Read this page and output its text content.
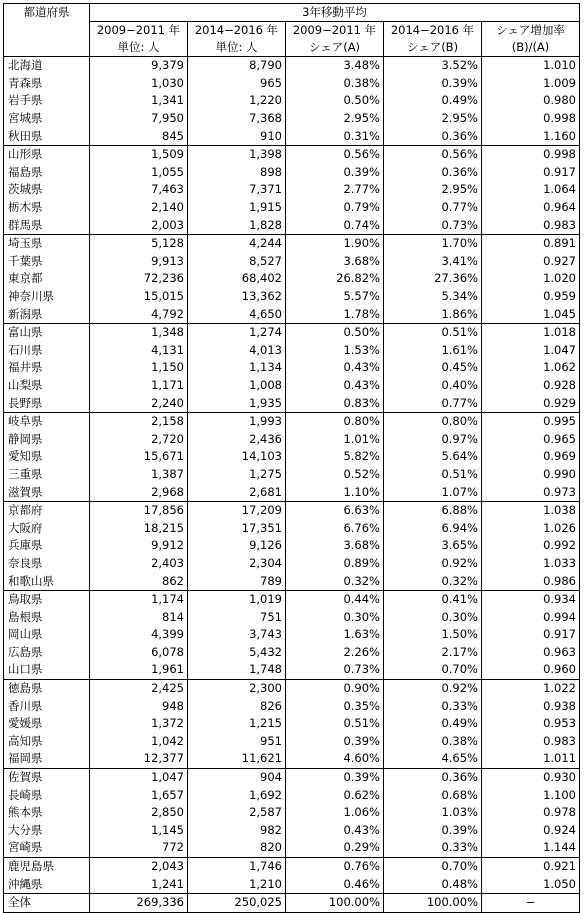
都道府県	3年移動平均				
	2009−2011 年	2014−2016 年	2009−2011 年	2014−2016 年	シェア増加率
	単位: 人	単位: 人	シェア(A)	シェア(B)	(B)/(A)
北海道	9,379	8,790	3.48%	3.52%	1.010
青森県	1,030	965	0.38%	0.39%	1.009
岩手県	1,341	1,220	0.50%	0.49%	0.980
宮城県	7,950	7,368	2.95%	2.95%	0.998
秋田県	845	910	0.31%	0.36%	1.160
山形県	1,509	1,398	0.56%	0.56%	0.998
福島県	1,055	898	0.39%	0.36%	0.917
茨城県	7,463	7,371	2.77%	2.95%	1.064
栃木県	2,140	1,915	0.79%	0.77%	0.964
群馬県	2,003	1,828	0.74%	0.73%	0.983
埼玉県	5,128	4,244	1.90%	1.70%	0.891
千葉県	9,913	8,527	3.68%	3.41%	0.927
東京都	72,236	68,402	26.82%	27.36%	1.020
神奈川県	15,015	13,362	5.57%	5.34%	0.959
新潟県	4,792	4,650	1.78%	1.86%	1.045
富山県	1,348	1,274	0.50%	0.51%	1.018
石川県	4,131	4,013	1.53%	1.61%	1.047
福井県	1,150	1,134	0.43%	0.45%	1.062
山梨県	1,171	1,008	0.43%	0.40%	0.928
長野県	2,240	1,935	0.83%	0.77%	0.929
岐阜県	2,158	1,993	0.80%	0.80%	0.995
静岡県	2,720	2,436	1.01%	0.97%	0.965
愛知県	15,671	14,103	5.82%	5.64%	0.969
三重県	1,387	1,275	0.52%	0.51%	0.990
滋賀県	2,968	2,681	1.10%	1.07%	0.973
京都府	17,856	17,209	6.63%	6.88%	1.038
大阪府	18,215	17,351	6.76%	6.94%	1.026
兵庫県	9,912	9,126	3.68%	3.65%	0.992
奈良県	2,403	2,304	0.89%	0.92%	1.033
和歌山県	862	789	0.32%	0.32%	0.986
鳥取県	1,174	1,019	0.44%	0.41%	0.934
島根県	814	751	0.30%	0.30%	0.994
岡山県	4,399	3,743	1.63%	1.50%	0.917
広島県	6,078	5,432	2.26%	2.17%	0.963
山口県	1,961	1,748	0.73%	0.70%	0.960
徳島県	2,425	2,300	0.90%	0.92%	1.022
香川県	948	826	0.35%	0.33%	0.938
愛媛県	1,372	1,215	0.51%	0.49%	0.953
高知県	1,042	951	0.39%	0.38%	0.983
福岡県	12,377	11,621	4.60%	4.65%	1.011
佐賀県	1,047	904	0.39%	0.36%	0.930
長崎県	1,657	1,692	0.62%	0.68%	1.100
熊本県	2,850	2,587	1.06%	1.03%	0.978
大分県	1,145	982	0.43%	0.39%	0.924
宮崎県	772	820	0.29%	0.33%	1.144
鹿児島県	2,043	1,746	0.76%	0.70%	0.921
沖縄県	1,241	1,210	0.46%	0.48%	1.050
全体	269,336	250,025	100.00%	100.00%	−
